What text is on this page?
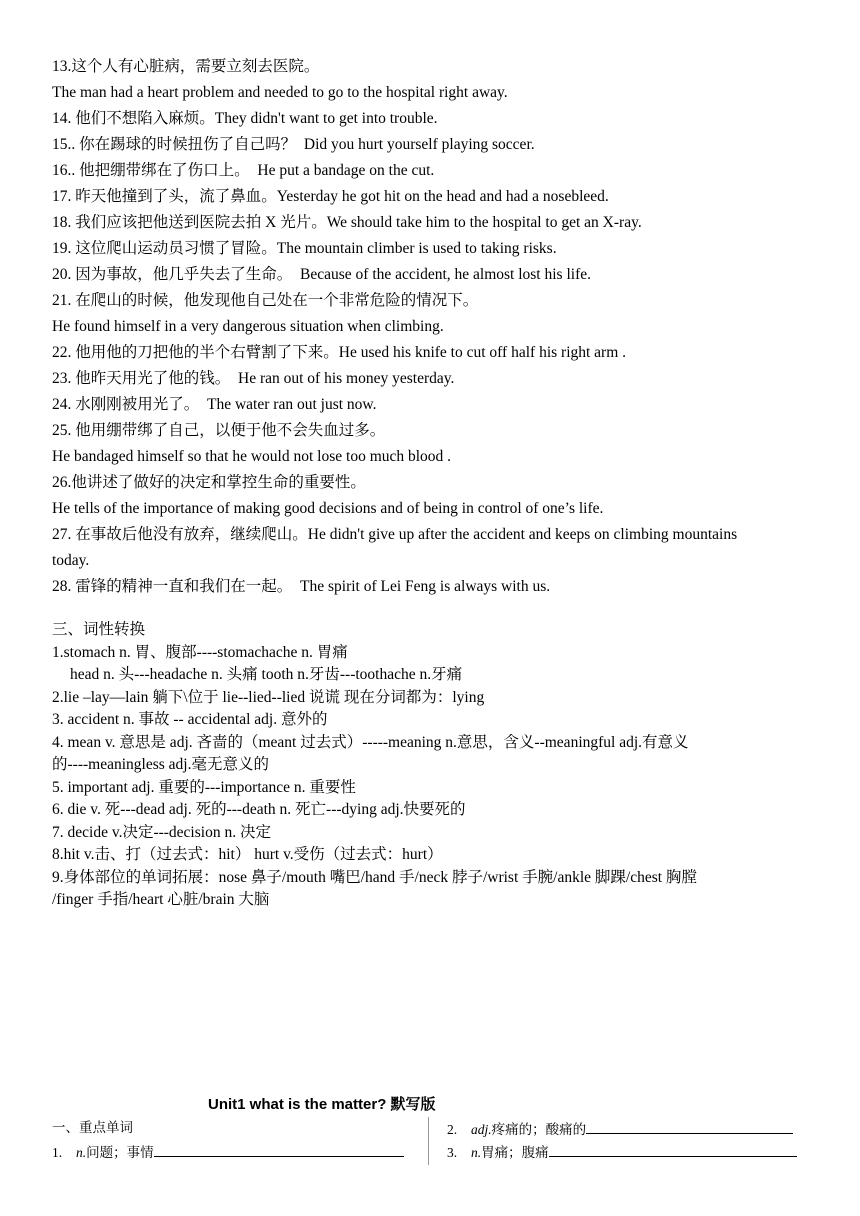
13.这个人有心脏病，需要立刻去医院。
The man had a heart problem and needed to go to the hospital right away.
14. 他们不想陷入麻烦。They didn't want to get into trouble.
15.. 你在踢球的时候扭伤了自己吗？ Did you hurt yourself playing soccer.
16.. 他把绷带绑在了伤口上。 He put a bandage on the cut.
17. 昨天他撞到了头，流了鼻血。Yesterday he got hit on the head and had a nosebleed.
18. 我们应该把他送到医院去拍 X 光片。We should take him to the hospital to get an X-ray.
19. 这位爬山运动员习惯了冒险。The mountain climber is used to taking risks.
20. 因为事故，他几乎失去了生命。 Because of the accident, he almost lost his life.
21. 在爬山的时候，他发现他自己处在一个非常危险的情况下。
He found himself in a very dangerous situation when climbing.
22. 他用他的刀把他的半个右臂割了下来。He used his knife to cut off half his right arm .
23. 他昨天用光了他的钱。 He ran out of his money yesterday.
24. 水刚刚被用光了。 The water ran out just now.
25. 他用绷带绑了自己，以便于他不会失血过多。
He bandaged himself so that he would not lose too much blood .
26.他讲述了做好的决定和掌控生命的重要性。
He tells of the importance of making good decisions and of being in control of one’s life.
27. 在事故后他没有放弃，继续爬山。He didn't give up after the accident and keeps on climbing mountains
today.
28. 雷锋的精神一直和我们在一起。 The spirit of Lei Feng is always with us.
三、词性转换
1.stomach n. 胃、腹部----stomachache n. 胃痛
head n. 头---headache n. 头痛 tooth n.牙齿---toothache n.牙痛
2.lie –lay—lain 躺下\位于 lie--lied--lied 说谎 现在分词都为：lying
3. accident n. 事故 -- accidental adj. 意外的
4. mean v. 意思是 adj. 吝啬的（meant 过去式）-----meaning n.意思，含义--meaningful adj.有意义
的----meaningless adj.毫无意义的
5. important adj. 重要的---importance n. 重要性
6. die v. 死---dead adj. 死的---death n. 死亡---dying adj.快要死的
7. decide v.决定---decision n. 决定
8.hit v.击、打（过去式：hit） hurt v.受伤（过去式：hurt）
9.身体部位的单词拓展：nose 鼻子/mouth 嘴巴/hand 手/neck 脖子/wrist 手腕/ankle 脚踝/chest 胸膛
/finger 手指/heart 心脏/brain 大脑
Unit1 what is the matter? 默写版
一、重点单词
1. n.问题；事情
2. adj.疼痛的；酸痛的
3. n.胃痛；腹痛
